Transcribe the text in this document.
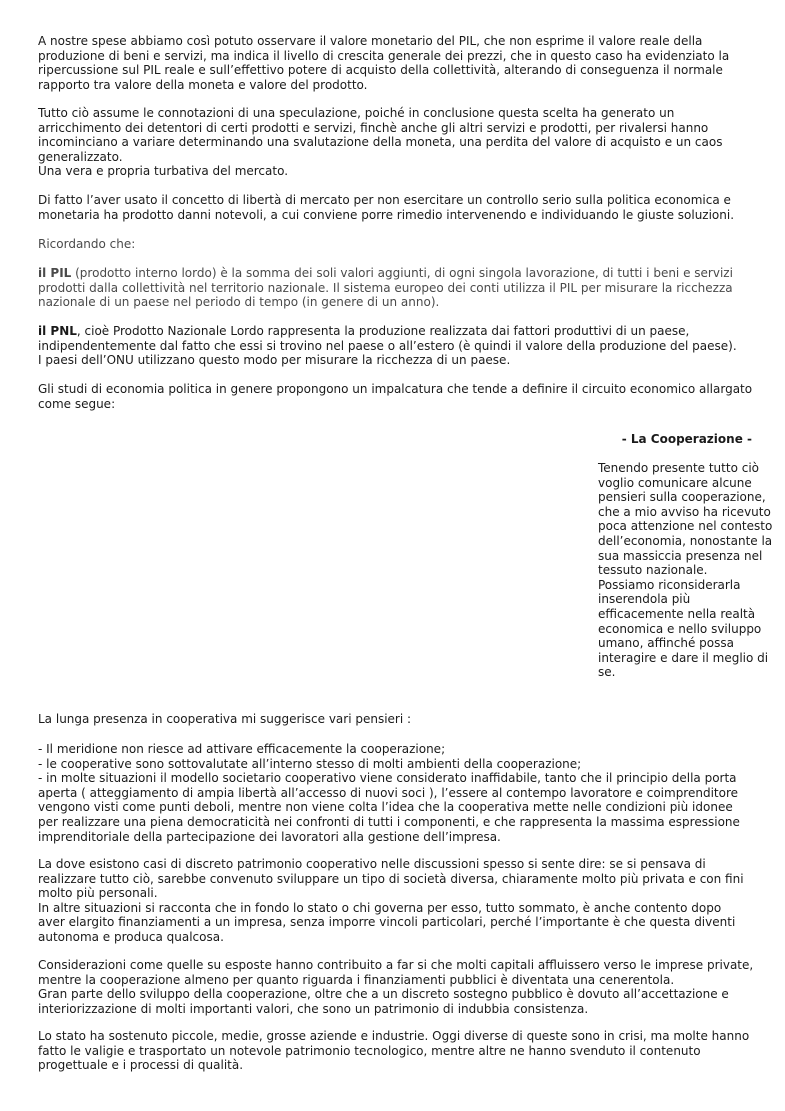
A nostre spese abbiamo così potuto osservare il valore monetario del PIL, che non esprime il valore reale della
produzione di beni e servizi, ma indica il livello di crescita generale dei prezzi, che in questo caso ha evidenziato la
ripercussione sul PIL reale e sull’effettivo potere di acquisto della collettività, alterando di conseguenza il normale
rapporto tra valore della moneta e valore del prodotto.

Tutto ciò assume le connotazioni di una speculazione, poiché in conclusione questa scelta ha generato un
arricchimento dei detentori di certi prodotti e servizi, finchè anche gli altri servizi e prodotti, per rivalersi hanno
incominciano a variare determinando una svalutazione della moneta, una perdita del valore di acquisto e un caos
generalizzato.
Una vera e propria turbativa del mercato.

Di fatto l’aver usato il concetto di libertà di mercato per non esercitare un controllo serio sulla politica economica e
monetaria ha prodotto danni notevoli, a cui conviene porre rimedio intervenendo e individuando le giuste soluzioni.

Ricordando che:

il PIL (prodotto interno lordo) è la somma dei soli valori aggiunti, di ogni singola lavorazione, di tutti i beni e servizi
prodotti dalla collettività nel territorio nazionale. Il sistema europeo dei conti utilizza il PIL per misurare la ricchezza
nazionale di un paese nel periodo di tempo (in genere di un anno).

il PNL, cioè Prodotto Nazionale Lordo rappresenta la produzione realizzata dai fattori produttivi di un paese,
indipendentemente dal fatto che essi si trovino nel paese o all’estero (è quindi il valore della produzione del paese).
I paesi dell’ONU utilizzano questo modo per misurare la ricchezza di un paese.

Gli studi di economia politica in genere propongono un impalcatura che tende a definire il circuito economico allargato
come segue:

- La Cooperazione -

Tenendo presente tutto ciò
voglio comunicare alcune
pensieri sulla cooperazione,
che a mio avviso ha ricevuto
poca attenzione nel contesto
dell’economia, nonostante la
sua massiccia presenza nel
tessuto nazionale.
Possiamo riconsiderarla
inserendola più
efficacemente nella realtà
economica e nello sviluppo
umano, affinché possa
interagire e dare il meglio di
se.

La lunga presenza in cooperativa mi suggerisce vari pensieri :

- Il meridione non riesce ad attivare efficacemente la cooperazione;
- le cooperative sono sottovalutate all’interno stesso di molti ambienti della cooperazione;
- in molte situazioni il modello societario cooperativo viene considerato inaffidabile, tanto che il principio della porta
aperta ( atteggiamento di ampia libertà all’accesso di nuovi soci ), l’essere al contempo lavoratore e coimprenditore
vengono visti come punti deboli, mentre non viene colta l’idea che la cooperativa mette nelle condizioni più idonee
per realizzare una piena democraticità nei confronti di tutti i componenti, e che rappresenta la massima espressione
imprenditoriale della partecipazione dei lavoratori alla gestione dell’impresa.

La dove esistono casi di discreto patrimonio cooperativo nelle discussioni spesso si sente dire: se si pensava di
realizzare tutto ciò, sarebbe convenuto sviluppare un tipo di società diversa, chiaramente molto più privata e con fini
molto più personali.
In altre situazioni si racconta che in fondo lo stato o chi governa per esso, tutto sommato, è anche contento dopo
aver elargito finanziamenti a un impresa, senza imporre vincoli particolari, perché l’importante è che questa diventi
autonoma e produca qualcosa.

Considerazioni come quelle su esposte hanno contribuito a far si che molti capitali affluissero verso le imprese private,
mentre la cooperazione almeno per quanto riguarda i finanziamenti pubblici è diventata una cenerentola.
Gran parte dello sviluppo della cooperazione, oltre che a un discreto sostegno pubblico è dovuto all’accettazione e
interiorizzazione di molti importanti valori, che sono un patrimonio di indubbia consistenza.

Lo stato ha sostenuto piccole, medie, grosse aziende e industrie. Oggi diverse di queste sono in crisi, ma molte hanno
fatto le valigie e trasportato un notevole patrimonio tecnologico, mentre altre ne hanno svenduto il contenuto
progettuale e i processi di qualità.
